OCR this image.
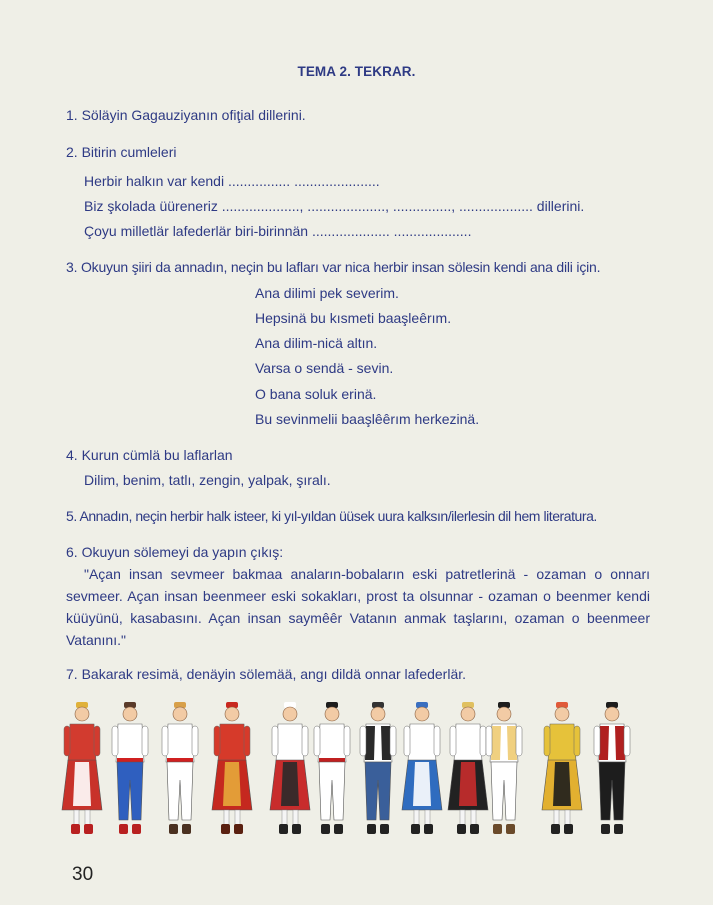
TEMA 2. TEKRAR.
1. Söläyin Gagauziyanın ofiţial dillerini.
2. Bitirin cumleleri
Herbir halkın var kendi ................ ......................
Biz şkolada üüreneriz ...................., ...................., ..............., ................... dillerini.
Çoyu milletlär lafederlär biri-birinnän .................... ....................
3. Okuyun şiiri da annadın, neçin bu lafları var nica herbir insan sölesin kendi ana dili için.
Ana dilimi pek severim.
Hepsinä bu kısmeti baaşleêrım.
Ana dilim-nicä altın.
Varsa o sendä - sevin.
O bana soluk erinä.
Bu sevinmelii baaşlêêrım herkezinä.
4. Kurun cümlä bu laflarlan
Dilim, benim, tatlı, zengin, yalpak, şıralı.
5. Annadın, neçin herbir halk isteer, ki yıl-yıldan üüsek uura kalksın/ilerlesin dil hem literatura.
6. Okuyun sölemeyi da yapın çıkış:
"Açan insan sevmeer bakmaa anaların-bobaların eski patretlerinä - ozaman o onnarı sevmeer. Açan insan beenmeer eski sokakları, prost ta olsunnar - ozaman o beenmer kendi küüyünü, kasabasını. Açan insan saymêêr Vatanın anmak taşlarını, ozaman o beenmeer Vatanını."
7. Bakarak resimä, denäyin sölemää, angı dildä onnar lafederlär.
30
